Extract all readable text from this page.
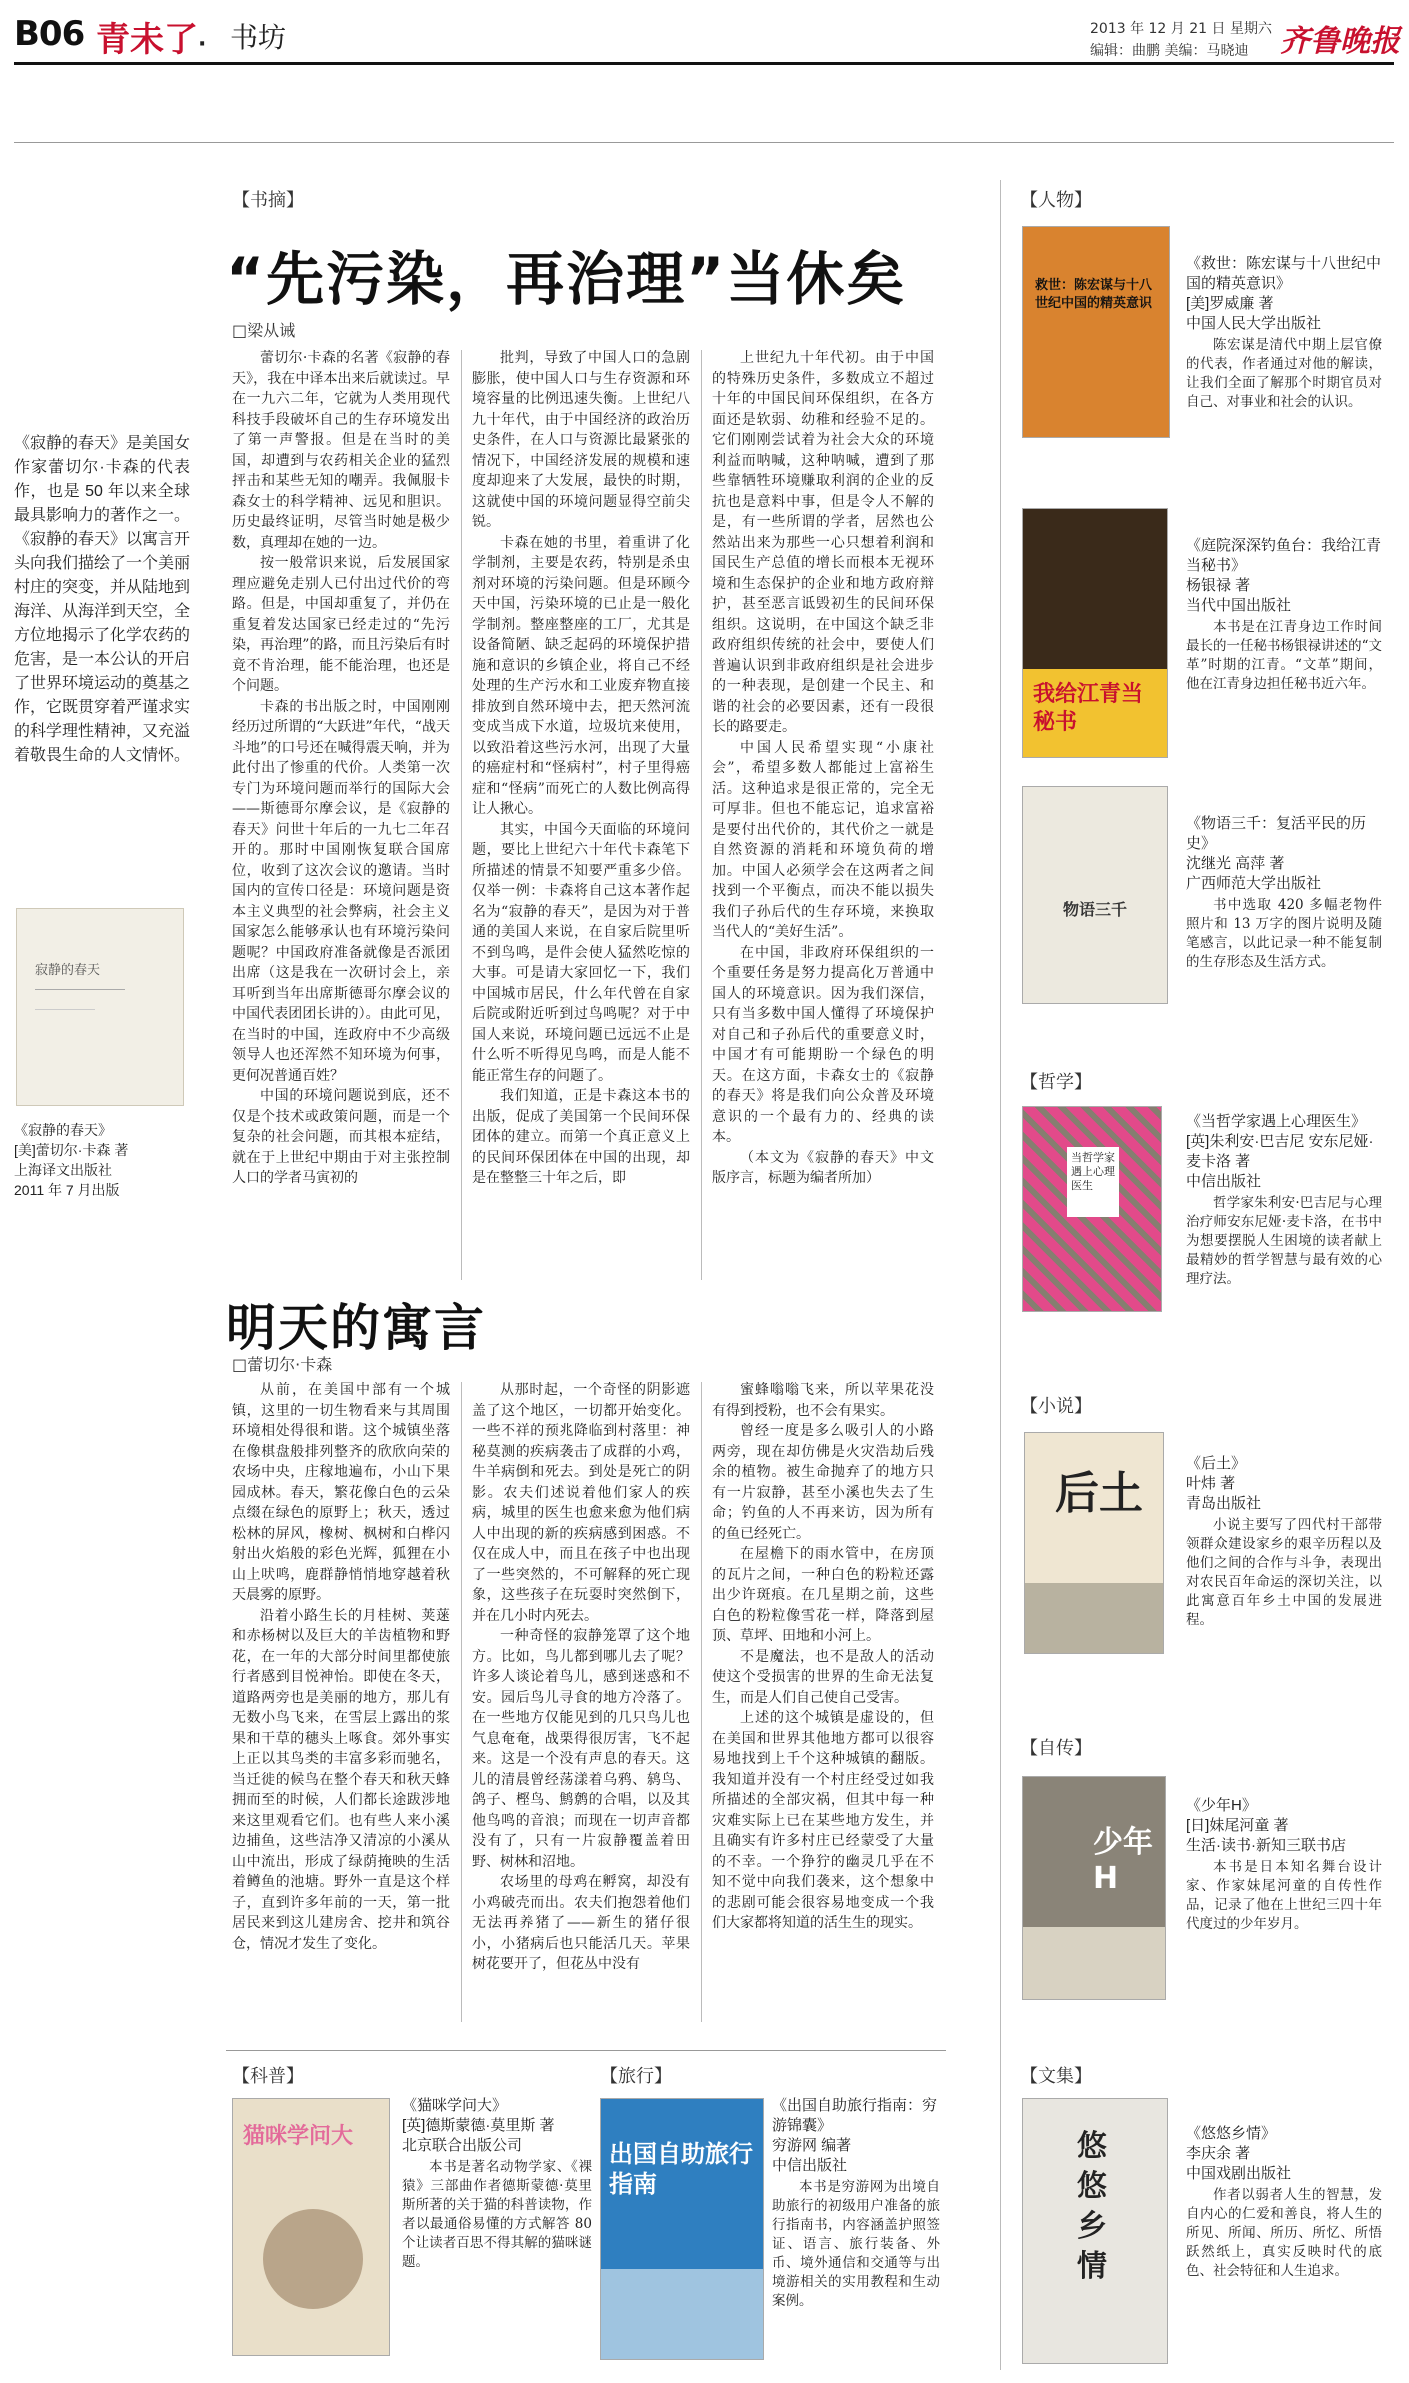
B06 青未了· 书坊	2013 年 12 月 21 日 星期六
编辑：曲鹏 美编：马晓迪 齐鲁晚报
《寂静的春天》是美国女作家蕾切尔·卡森的代表作，也是 50 年以来全球最具影响力的著作之一。《寂静的春天》以寓言开头向我们描绘了一个美丽村庄的突变，并从陆地到海洋、从海洋到天空，全方位地揭示了化学农药的危害，是一本公认的开启了世界环境运动的奠基之作，它既贯穿着严谨求实的科学理性精神，又充溢着敬畏生命的人文情怀。
寂静的春天
《寂静的春天》
[美]蕾切尔·卡森 著
上海译文出版社
2011 年 7 月出版
【书摘】
“先污染，再治理”当休矣
□梁从诫

蕾切尔·卡森的名著《寂静的春天》，我在中译本出来后就读过。早在一九六二年，它就为人类用现代科技手段破坏自己的生存环境发出了第一声警报。但是在当时的美国，却遭到与农药相关企业的猛烈抨击和某些无知的嘲弄。我佩服卡森女士的科学精神、远见和胆识。历史最终证明，尽管当时她是极少数，真理却在她的一边。

按一般常识来说，后发展国家理应避免走别人已付出过代价的弯路。但是，中国却重复了，并仍在重复着发达国家已经走过的“先污染，再治理”的路，而且污染后有时竟不肯治理，能不能治理，也还是个问题。

卡森的书出版之时，中国刚刚经历过所谓的“大跃进”年代，“战天斗地”的口号还在喊得震天响，并为此付出了惨重的代价。人类第一次专门为环境问题而举行的国际大会——斯德哥尔摩会议，是《寂静的春天》问世十年后的一九七二年召开的。那时中国刚恢复联合国席位，收到了这次会议的邀请。当时国内的宣传口径是：环境问题是资本主义典型的社会弊病，社会主义国家怎么能够承认也有环境污染问题呢？中国政府准备就像是否派团出席（这是我在一次研讨会上，亲耳听到当年出席斯德哥尔摩会议的中国代表团团长讲的）。由此可见，在当时的中国，连政府中不少高级领导人也还浑然不知环境为何事，更何况普通百姓？

中国的环境问题说到底，还不仅是个技术或政策问题，而是一个复杂的社会问题，而其根本症结，就在于上世纪中期由于对主张控制人口的学者马寅初的

批判，导致了中国人口的急剧膨胀，使中国人口与生存资源和环境容量的比例迅速失衡。上世纪八九十年代，由于中国经济的政治历史条件，在人口与资源比最紧张的情况下，中国经济发展的规模和速度却迎来了大发展，最快的时期，这就使中国的环境问题显得空前尖锐。

卡森在她的书里，着重讲了化学制剂，主要是农药，特别是杀虫剂对环境的污染问题。但是环顾今天中国，污染环境的已止是一般化学制剂。整座整座的工厂，尤其是设备简陋、缺乏起码的环境保护措施和意识的乡镇企业，将自己不经处理的生产污水和工业废弃物直接排放到自然环境中去，把天然河流变成当成下水道，垃圾坑来使用，以致沿着这些污水河，出现了大量的癌症村和“怪病村”，村子里得癌症和“怪病”而死亡的人数比例高得让人揪心。

其实，中国今天面临的环境问题，要比上世纪六十年代卡森笔下所描述的情景不知要严重多少倍。仅举一例：卡森将自己这本著作起名为“寂静的春天”，是因为对于普通的美国人来说，在自家后院里听不到鸟鸣，是件会使人猛然吃惊的大事。可是请大家回忆一下，我们中国城市居民，什么年代曾在自家后院或附近听到过鸟鸣呢？对于中国人来说，环境问题已远远不止是什么听不听得见鸟鸣，而是人能不能正常生存的问题了。

我们知道，正是卡森这本书的出版，促成了美国第一个民间环保团体的建立。而第一个真正意义上的民间环保团体在中国的出现，却是在整整三十年之后，即

上世纪九十年代初。由于中国的特殊历史条件，多数成立不超过十年的中国民间环保组织，在各方面还是软弱、幼稚和经验不足的。它们刚刚尝试着为社会大众的环境利益而呐喊，这种呐喊，遭到了那些靠牺牲环境赚取利润的企业的反抗也是意料中事，但是令人不解的是，有一些所谓的学者，居然也公然站出来为那些一心只想着利润和国民生产总值的增长而根本无视环境和生态保护的企业和地方政府辩护，甚至恶言诋毁初生的民间环保组织。这说明，在中国这个缺乏非政府组织传统的社会中，要使人们普遍认识到非政府组织是社会进步的一种表现，是创建一个民主、和谐的社会的必要因素，还有一段很长的路要走。

中国人民希望实现“小康社会”，希望多数人都能过上富裕生活。这种追求是很正常的，完全无可厚非。但也不能忘记，追求富裕是要付出代价的，其代价之一就是自然资源的消耗和环境负荷的增加。中国人必须学会在这两者之间找到一个平衡点，而决不能以损失我们子孙后代的生存环境，来换取当代人的“美好生活”。

在中国，非政府环保组织的一个重要任务是努力提高化万普通中国人的环境意识。因为我们深信，只有当多数中国人懂得了环境保护对自己和子孙后代的重要意义时，中国才有可能期盼一个绿色的明天。在这方面，卡森女士的《寂静的春天》将是我们向公众普及环境意识的一个最有力的、经典的读本。

（本文为《寂静的春天》中文版序言，标题为编者所加）

明天的寓言
□蕾切尔·卡森

从前，在美国中部有一个城镇，这里的一切生物看来与其周围环境相处得很和谐。这个城镇坐落在像棋盘般排列整齐的欣欣向荣的农场中央，庄稼地遍布，小山下果园成林。春天，繁花像白色的云朵点缀在绿色的原野上；秋天，透过松林的屏风，橡树、枫树和白桦闪射出火焰般的彩色光辉，狐狸在小山上吠鸣，鹿群静悄悄地穿越着秋天晨雾的原野。

沿着小路生长的月桂树、荚蒾和赤杨树以及巨大的羊齿植物和野花，在一年的大部分时间里都使旅行者感到目悦神怡。即使在冬天，道路两旁也是美丽的地方，那儿有无数小鸟飞来，在雪层上露出的浆果和干草的穗头上啄食。郊外事实上正以其鸟类的丰富多彩而驰名，当迁徙的候鸟在整个春天和秋天蜂拥而至的时候，人们都长途跋涉地来这里观看它们。也有些人来小溪边捕鱼，这些洁净又清凉的小溪从山中流出，形成了绿荫掩映的生活着鳟鱼的池塘。野外一直是这个样子，直到许多年前的一天，第一批居民来到这儿建房舍、挖井和筑谷仓，情况才发生了变化。

从那时起，一个奇怪的阴影遮盖了这个地区，一切都开始变化。一些不祥的预兆降临到村落里：神秘莫测的疾病袭击了成群的小鸡，牛羊病倒和死去。到处是死亡的阴影。农夫们述说着他们家人的疾病，城里的医生也愈来愈为他们病人中出现的新的疾病感到困惑。不仅在成人中，而且在孩子中也出现了一些突然的，不可解释的死亡现象，这些孩子在玩耍时突然倒下，并在几小时内死去。

一种奇怪的寂静笼罩了这个地方。比如，鸟儿都到哪儿去了呢？许多人谈论着鸟儿，感到迷惑和不安。园后鸟儿寻食的地方冷落了。在一些地方仅能见到的几只鸟儿也气息奄奄，战栗得很厉害，飞不起来。这是一个没有声息的春天。这儿的清晨曾经荡漾着乌鸦、鸫鸟、鸽子、樫鸟、鹪鹩的合唱，以及其他鸟鸣的音浪；而现在一切声音都没有了，只有一片寂静覆盖着田野、树林和沼地。

农场里的母鸡在孵窝，却没有小鸡破壳而出。农夫们抱怨着他们无法再养猪了——新生的猪仔很小，小猪病后也只能活几天。苹果树花要开了，但花丛中没有

蜜蜂嗡嗡飞来，所以苹果花没有得到授粉，也不会有果实。

曾经一度是多么吸引人的小路两旁，现在却仿佛是火灾浩劫后残余的植物。被生命抛弃了的地方只有一片寂静，甚至小溪也失去了生命；钓鱼的人不再来访，因为所有的鱼已经死亡。

在屋檐下的雨水管中，在房顶的瓦片之间，一种白色的粉粒还露出少许斑痕。在几星期之前，这些白色的粉粒像雪花一样，降落到屋顶、草坪、田地和小河上。

不是魔法，也不是敌人的活动使这个受损害的世界的生命无法复生，而是人们自己使自己受害。

上述的这个城镇是虚设的，但在美国和世界其他地方都可以很容易地找到上千个这种城镇的翻版。我知道并没有一个村庄经受过如我所描述的全部灾祸，但其中每一种灾难实际上已在某些地方发生，并且确实有许多村庄已经蒙受了大量的不幸。一个狰狞的幽灵几乎在不知不觉中向我们袭来，这个想象中的悲剧可能会很容易地变成一个我们大家都将知道的活生生的现实。

【科普】
猫咪学问大
《猫咪学问大》
[英]德斯蒙德·莫里斯 著
北京联合出版公司
本书是著名动物学家、《裸猿》三部曲作者德斯蒙德·莫里斯所著的关于猫的科普读物，作者以最通俗易懂的方式解答 80 个让读者百思不得其解的猫咪谜题。
【旅行】
出国自助旅行指南
《出国自助旅行指南：穷游锦囊》
穷游网 编著
中信出版社
本书是穷游网为出境自助旅行的初级用户准备的旅行指南书，内容涵盖护照签证、语言、旅行装备、外币、境外通信和交通等与出境游相关的实用教程和生动案例。
【人物】
救世：陈宏谋与十八世纪中国的精英意识
《救世：陈宏谋与十八世纪中国的精英意识》
[美]罗威廉 著
中国人民大学出版社
陈宏谋是清代中期上层官僚的代表，作者通过对他的解读，让我们全面了解那个时期官员对自己、对事业和社会的认识。
我给江青当秘书
《庭院深深钓鱼台：我给江青当秘书》
杨银禄 著
当代中国出版社
本书是在江青身边工作时间最长的一任秘书杨银禄讲述的“文革”时期的江青。“文革”期间，他在江青身边担任秘书近六年。
物语三千
《物语三千：复活平民的历史》
沈继光 高萍 著
广西师范大学出版社
书中选取 420 多幅老物件照片和 13 万字的图片说明及随笔感言，以此记录一种不能复制的生存形态及生活方式。
【哲学】
当哲学家遇上心理医生
《当哲学家遇上心理医生》
[英]朱利安·巴吉尼 安东尼娅·麦卡洛 著
中信出版社
哲学家朱利安·巴吉尼与心理治疗师安东尼娅·麦卡洛，在书中为想要摆脱人生困境的读者献上最精妙的哲学智慧与最有效的心理疗法。
【小说】
后土
《后土》
叶炜 著
青岛出版社
小说主要写了四代村干部带领群众建设家乡的艰辛历程以及他们之间的合作与斗争，表现出对农民百年命运的深切关注，以此寓意百年乡土中国的发展进程。
【自传】
少年H
《少年H》
[日]妹尾河童 著
生活·读书·新知三联书店
本书是日本知名舞台设计家、作家妹尾河童的自传性作品，记录了他在上世纪三四十年代度过的少年岁月。
【文集】
悠悠乡情
《悠悠乡情》
李庆余 著
中国戏剧出版社
作者以弱者人生的智慧，发自内心的仁爱和善良，将人生的所见、所闻、所历、所忆、所悟跃然纸上，真实反映时代的底色、社会特征和人生追求。
